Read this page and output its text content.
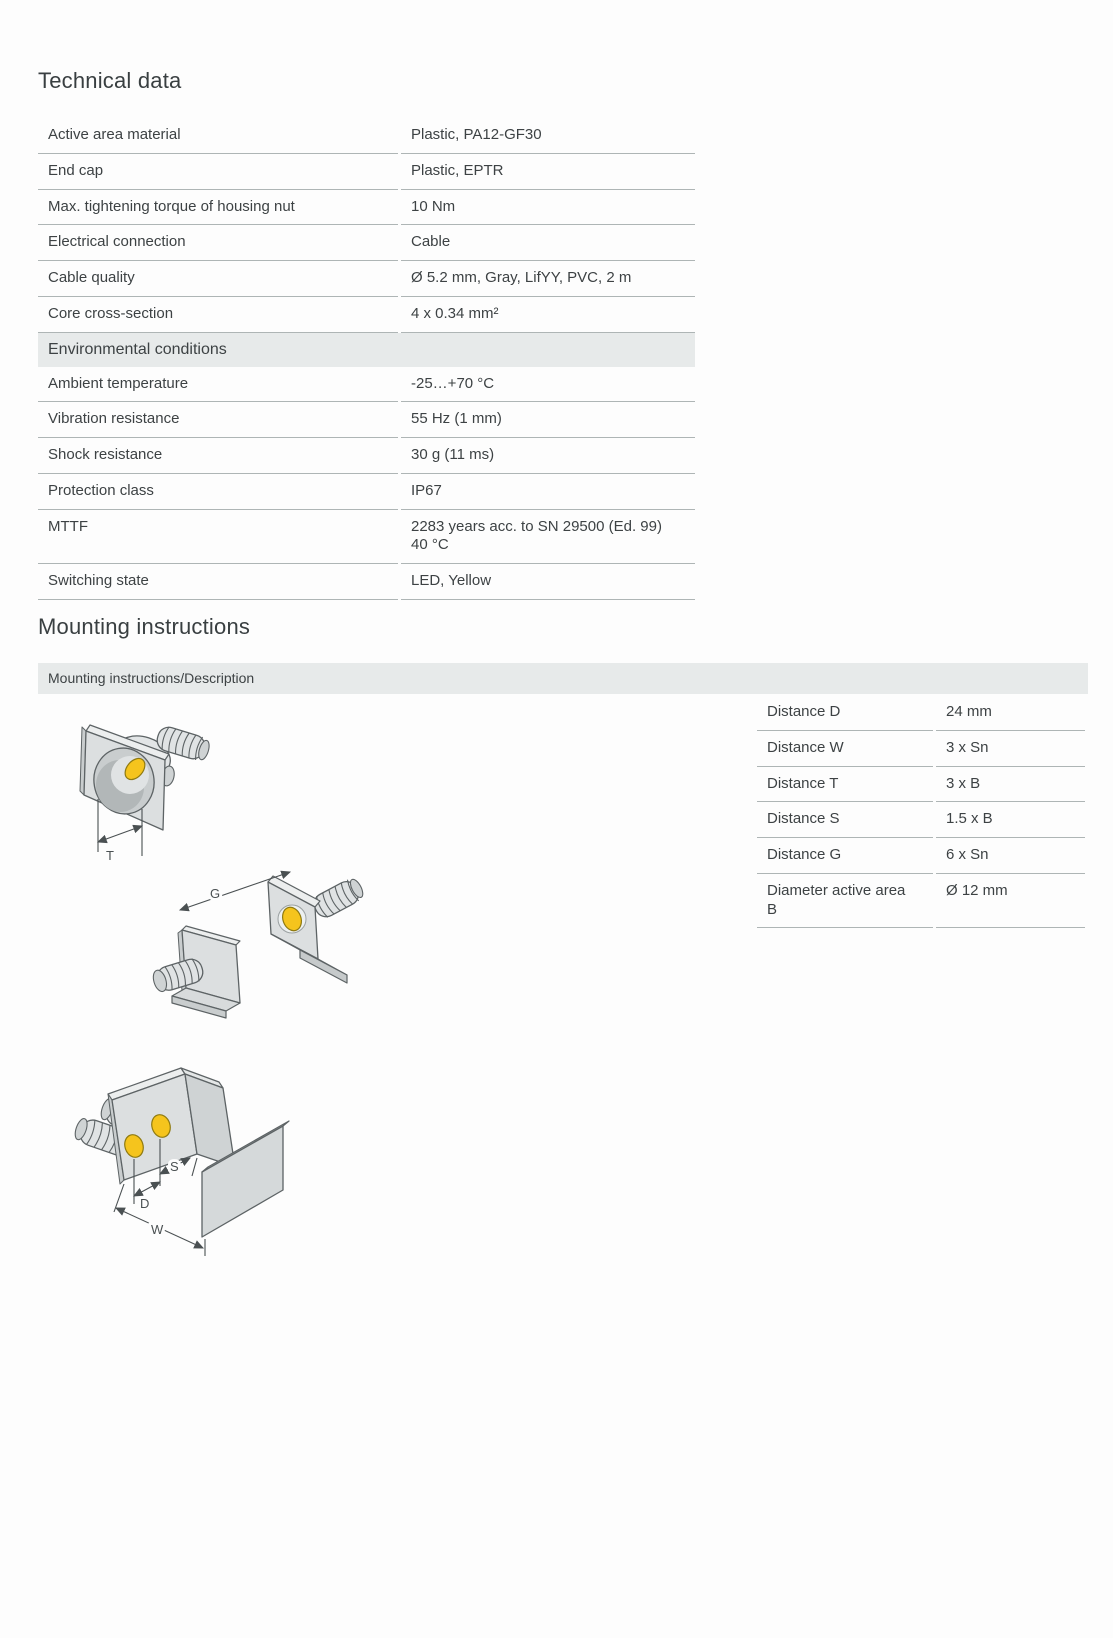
Technical data
Active area material	Plastic, PA12-GF30
End cap	Plastic, EPTR
Max. tightening torque of housing nut	10 Nm
Electrical connection	Cable
Cable quality	Ø 5.2 mm, Gray, LifYY, PVC, 2 m
Core cross-section	4 x 0.34 mm²
Environmental conditions	
Ambient temperature	-25…+70 °C
Vibration resistance	55 Hz (1 mm)
Shock resistance	30 g (11 ms)
Protection class	IP67
MTTF	2283 years acc. to SN 29500 (Ed. 99) 40 °C
Switching state	LED, Yellow
Mounting instructions
Mounting instructions/Description
Distance D	24 mm
Distance W	3 x Sn
Distance T	3 x B
Distance S	1.5 x B
Distance G	6 x Sn
Diameter active area B	Ø 12 mm
T
G
D
S
W
